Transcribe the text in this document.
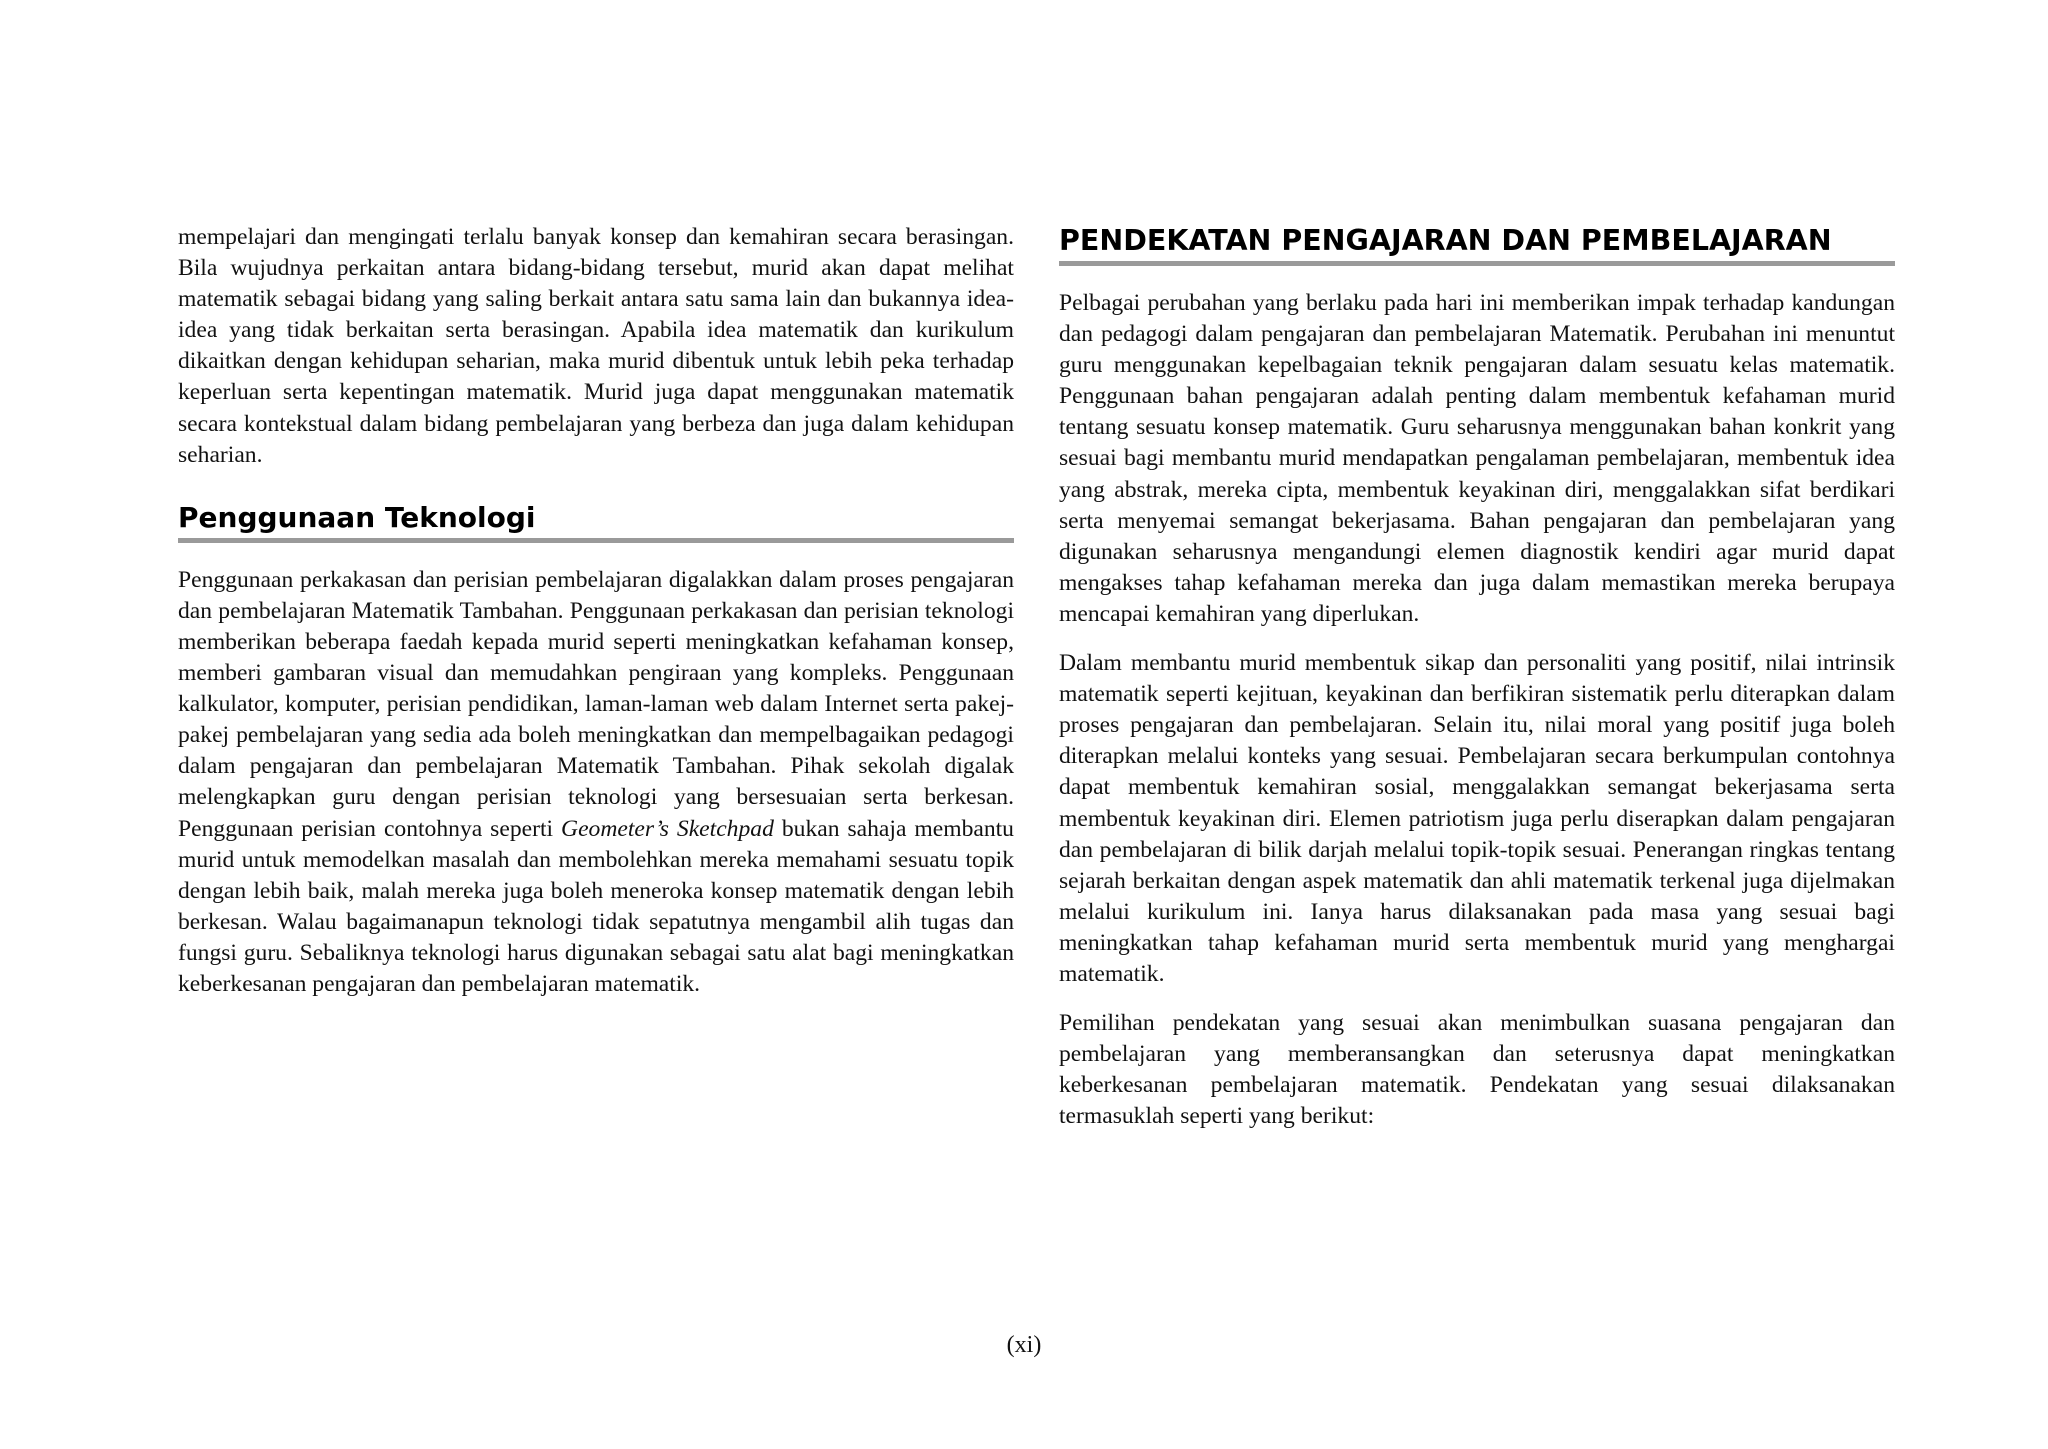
mempelajari dan mengingati terlalu banyak konsep dan kemahiran secara berasingan. Bila wujudnya perkaitan antara bidang-bidang tersebut, murid akan dapat melihat matematik sebagai bidang yang saling berkait antara satu sama lain dan bukannya idea-idea yang tidak berkaitan serta berasingan. Apabila idea matematik dan kurikulum dikaitkan dengan kehidupan seharian, maka murid dibentuk untuk lebih peka terhadap keperluan serta kepentingan matematik. Murid juga dapat menggunakan matematik secara kontekstual dalam bidang pembelajaran yang berbeza dan juga dalam kehidupan seharian.

Penggunaan Teknologi

Penggunaan perkakasan dan perisian pembelajaran digalakkan dalam proses pengajaran dan pembelajaran Matematik Tambahan. Penggunaan perkakasan dan perisian teknologi memberikan beberapa faedah kepada murid seperti meningkatkan kefahaman konsep, memberi gambaran visual dan memudahkan pengiraan yang kompleks. Penggunaan kalkulator, komputer, perisian pendidikan, laman-laman web dalam Internet serta pakej-pakej pembelajaran yang sedia ada boleh meningkatkan dan mempelbagaikan pedagogi dalam pengajaran dan pembelajaran Matematik Tambahan. Pihak sekolah digalak melengkapkan guru dengan perisian teknologi yang bersesuaian serta berkesan. Penggunaan perisian contohnya seperti Geometer’s Sketchpad bukan sahaja membantu murid untuk memodelkan masalah dan membolehkan mereka memahami sesuatu topik dengan lebih baik, malah mereka juga boleh meneroka konsep matematik dengan lebih berkesan. Walau bagaimanapun teknologi tidak sepatutnya mengambil alih tugas dan fungsi guru. Sebaliknya teknologi harus digunakan sebagai satu alat bagi meningkatkan keberkesanan pengajaran dan pembelajaran matematik.

PENDEKATAN PENGAJARAN DAN PEMBELAJARAN

Pelbagai perubahan yang berlaku pada hari ini memberikan impak terhadap kandungan dan pedagogi dalam pengajaran dan pembelajaran Matematik. Perubahan ini menuntut guru menggunakan kepelbagaian teknik pengajaran dalam sesuatu kelas matematik. Penggunaan bahan pengajaran adalah penting dalam membentuk kefahaman murid tentang sesuatu konsep matematik. Guru seharusnya menggunakan bahan konkrit yang sesuai bagi membantu murid mendapatkan pengalaman pembelajaran, membentuk idea yang abstrak, mereka cipta, membentuk keyakinan diri, menggalakkan sifat berdikari serta menyemai semangat bekerjasama. Bahan pengajaran dan pembelajaran yang digunakan seharusnya mengandungi elemen diagnostik kendiri agar murid dapat mengakses tahap kefahaman mereka dan juga dalam memastikan mereka berupaya mencapai kemahiran yang diperlukan.

Dalam membantu murid membentuk sikap dan personaliti yang positif, nilai intrinsik matematik seperti kejituan, keyakinan dan berfikiran sistematik perlu diterapkan dalam proses pengajaran dan pembelajaran. Selain itu, nilai moral yang positif juga boleh diterapkan melalui konteks yang sesuai. Pembelajaran secara berkumpulan contohnya dapat membentuk kemahiran sosial, menggalakkan semangat bekerjasama serta membentuk keyakinan diri. Elemen patriotism juga perlu diserapkan dalam pengajaran dan pembelajaran di bilik darjah melalui topik-topik sesuai. Penerangan ringkas tentang sejarah berkaitan dengan aspek matematik dan ahli matematik terkenal juga dijelmakan melalui kurikulum ini. Ianya harus dilaksanakan pada masa yang sesuai bagi meningkatkan tahap kefahaman murid serta membentuk murid yang menghargai matematik.

Pemilihan pendekatan yang sesuai akan menimbulkan suasana pengajaran dan pembelajaran yang memberansangkan dan seterusnya dapat meningkatkan keberkesanan pembelajaran matematik. Pendekatan yang sesuai dilaksanakan termasuklah seperti yang berikut:

(xi)
